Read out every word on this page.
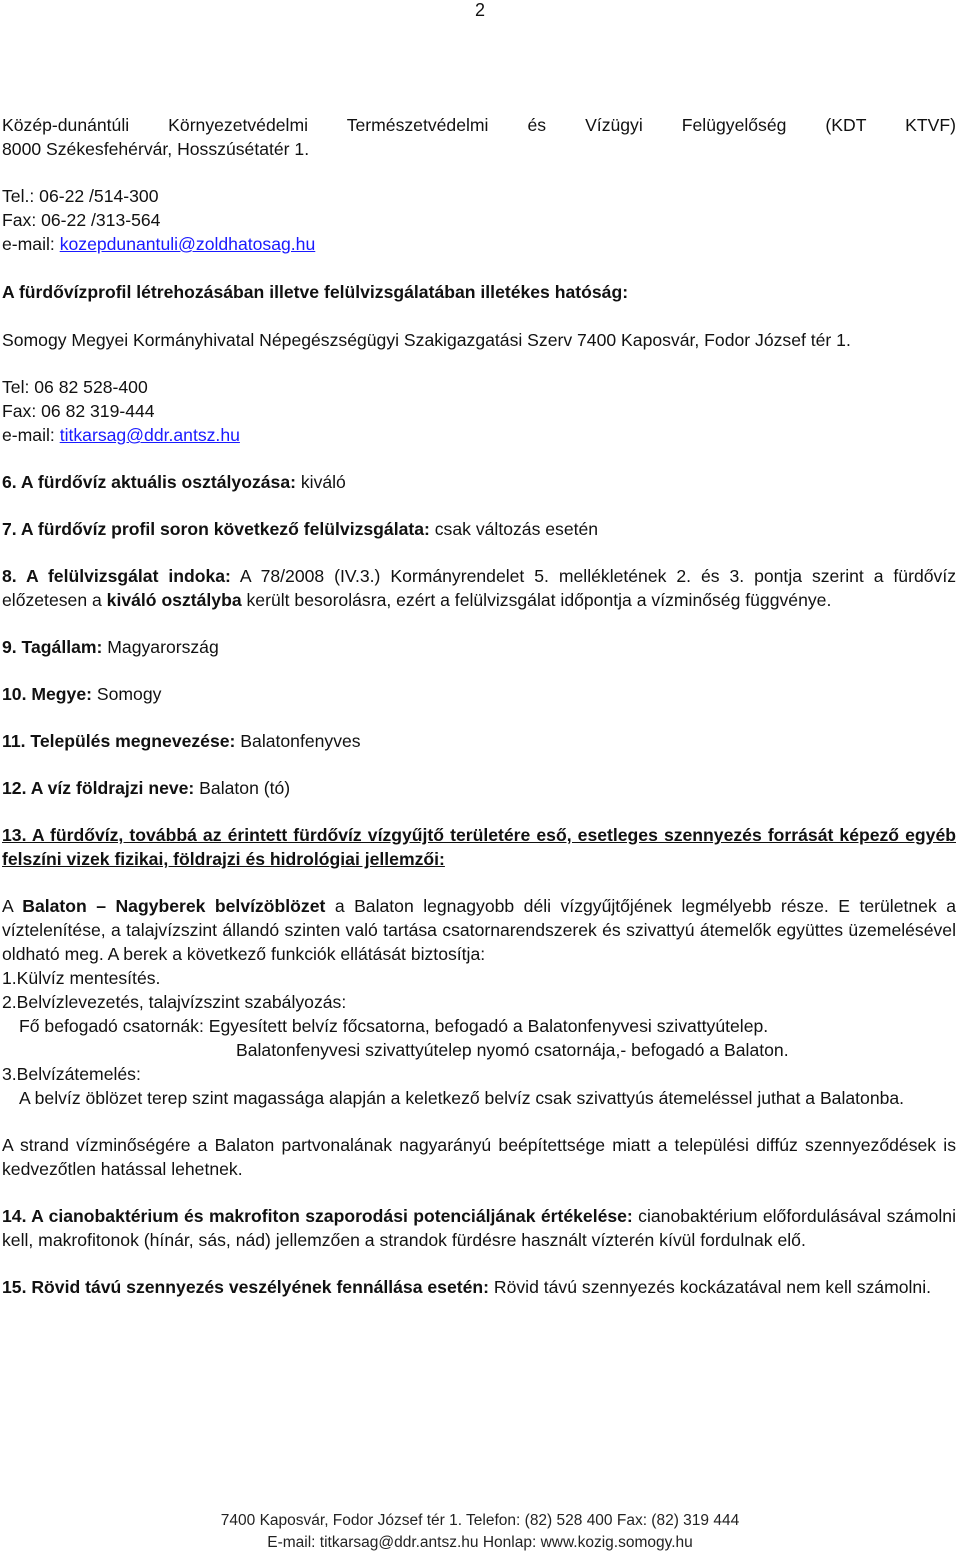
2

Közép-dunántúli Környezetvédelmi Természetvédelmi és Vízügyi Felügyelőség (KDT KTVF)

8000 Székesfehérvár, Hosszúsétatér 1.

Tel.: 06-22 /514-300

Fax: 06-22 /313-564

e-mail: kozepdunantuli@zoldhatosag.hu

A fürdővízprofil létrehozásában illetve felülvizsgálatában illetékes hatóság:

Somogy Megyei Kormányhivatal Népegészségügyi Szakigazgatási Szerv 7400 Kaposvár, Fodor József tér 1.

Tel: 06 82 528-400

Fax: 06 82 319-444

e-mail: titkarsag@ddr.antsz.hu

6. A fürdővíz aktuális osztályozása: kiváló

7. A fürdővíz profil soron következő felülvizsgálata: csak változás esetén

8. A felülvizsgálat indoka: A 78/2008 (IV.3.) Kormányrendelet 5. mellékletének 2. és 3. pontja szerint a fürdővíz előzetesen a kiváló osztályba került besorolásra, ezért a felülvizsgálat időpontja a vízminőség függvénye.

9. Tagállam: Magyarország

10. Megye: Somogy

11. Település megnevezése: Balatonfenyves

12. A víz földrajzi neve: Balaton (tó)

13. A fürdővíz, továbbá az érintett fürdővíz vízgyűjtő területére eső, esetleges szennyezés forrását képező egyéb felszíni vizek fizikai, földrajzi és hidrológiai jellemzői:

A Balaton – Nagyberek belvízöblözet a Balaton legnagyobb déli vízgyűjtőjének legmélyebb része. E területnek a víztelenítése, a talajvízszint állandó szinten való tartása csatornarendszerek és szivattyú átemelők együttes üzemelésével oldható meg. A berek a következő funkciók ellátását biztosítja:

1.Külvíz mentesítés.

2.Belvízlevezetés, talajvízszint szabályozás:

Fő befogadó csatornák: Egyesített belvíz főcsatorna, befogadó a Balatonfenyvesi szivattyútelep.

Balatonfenyvesi szivattyútelep nyomó csatornája,- befogadó a Balaton.

3.Belvízátemelés:

A belvíz öblözet terep szint magassága alapján a keletkező belvíz csak szivattyús átemeléssel juthat a Balatonba.

A strand vízminőségére a Balaton partvonalának nagyarányú beépítettsége miatt a települési diffúz szennyeződések is kedvezőtlen hatással lehetnek.

14. A cianobaktérium és makrofiton szaporodási potenciáljának értékelése: cianobaktérium előfordulásával számolni kell, makrofitonok (hínár, sás, nád) jellemzően a strandok fürdésre használt vízterén kívül fordulnak elő.

15. Rövid távú szennyezés veszélyének fennállása esetén: Rövid távú szennyezés kockázatával nem kell számolni.

7400 Kaposvár, Fodor József tér 1. Telefon: (82) 528 400 Fax: (82) 319 444
E-mail: titkarsag@ddr.antsz.hu Honlap: www.kozig.somogy.hu
